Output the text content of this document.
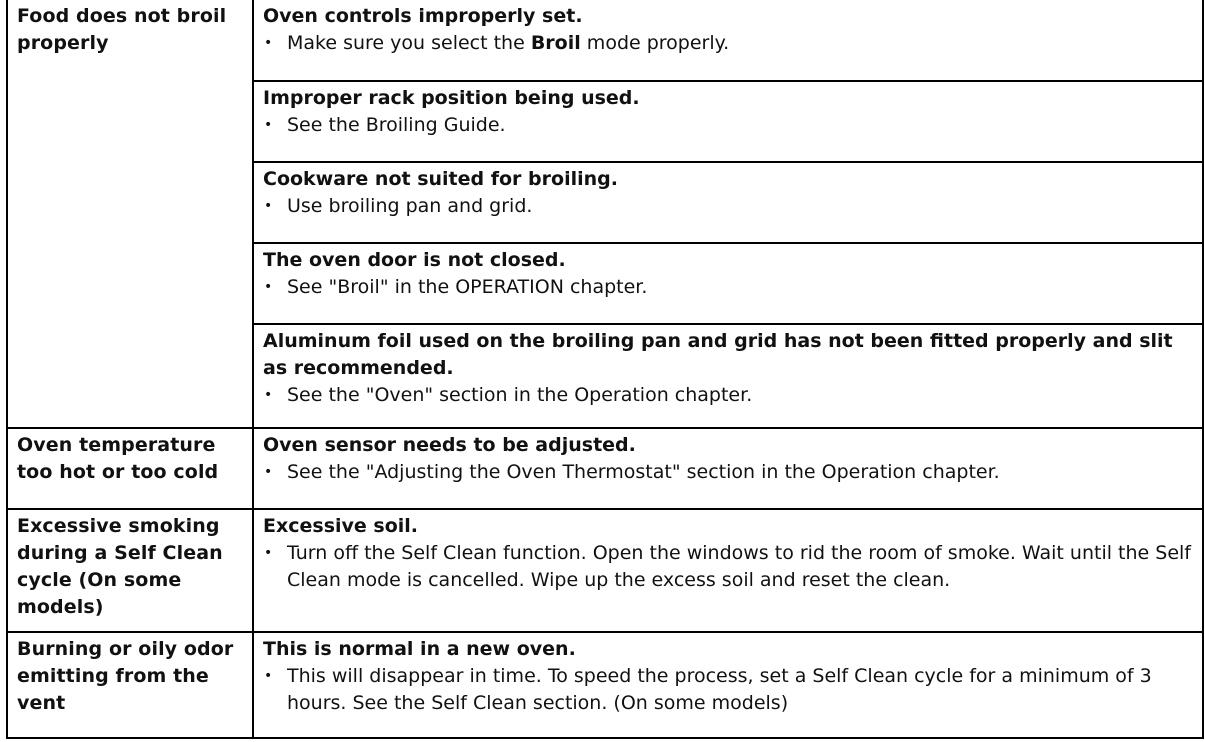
Food does not broil properly
Oven controls improperly set.
• Make sure you select the Broil mode properly.
Improper rack position being used.
• See the Broiling Guide.
Cookware not suited for broiling.
• Use broiling pan and grid.
The oven door is not closed.
• See "Broil" in the OPERATION chapter.
Aluminum foil used on the broiling pan and grid has not been fitted properly and slit as recommended.
• See the "Oven" section in the Operation chapter.
Oven temperature too hot or too cold
Oven sensor needs to be adjusted.
• See the "Adjusting the Oven Thermostat" section in the Operation chapter.
Excessive smoking during a Self Clean cycle (On some models)
Excessive soil.
• Turn off the Self Clean function. Open the windows to rid the room of smoke. Wait until the Self Clean mode is cancelled. Wipe up the excess soil and reset the clean.
Burning or oily odor emitting from the vent
This is normal in a new oven.
• This will disappear in time. To speed the process, set a Self Clean cycle for a minimum of 3 hours. See the Self Clean section. (On some models)
